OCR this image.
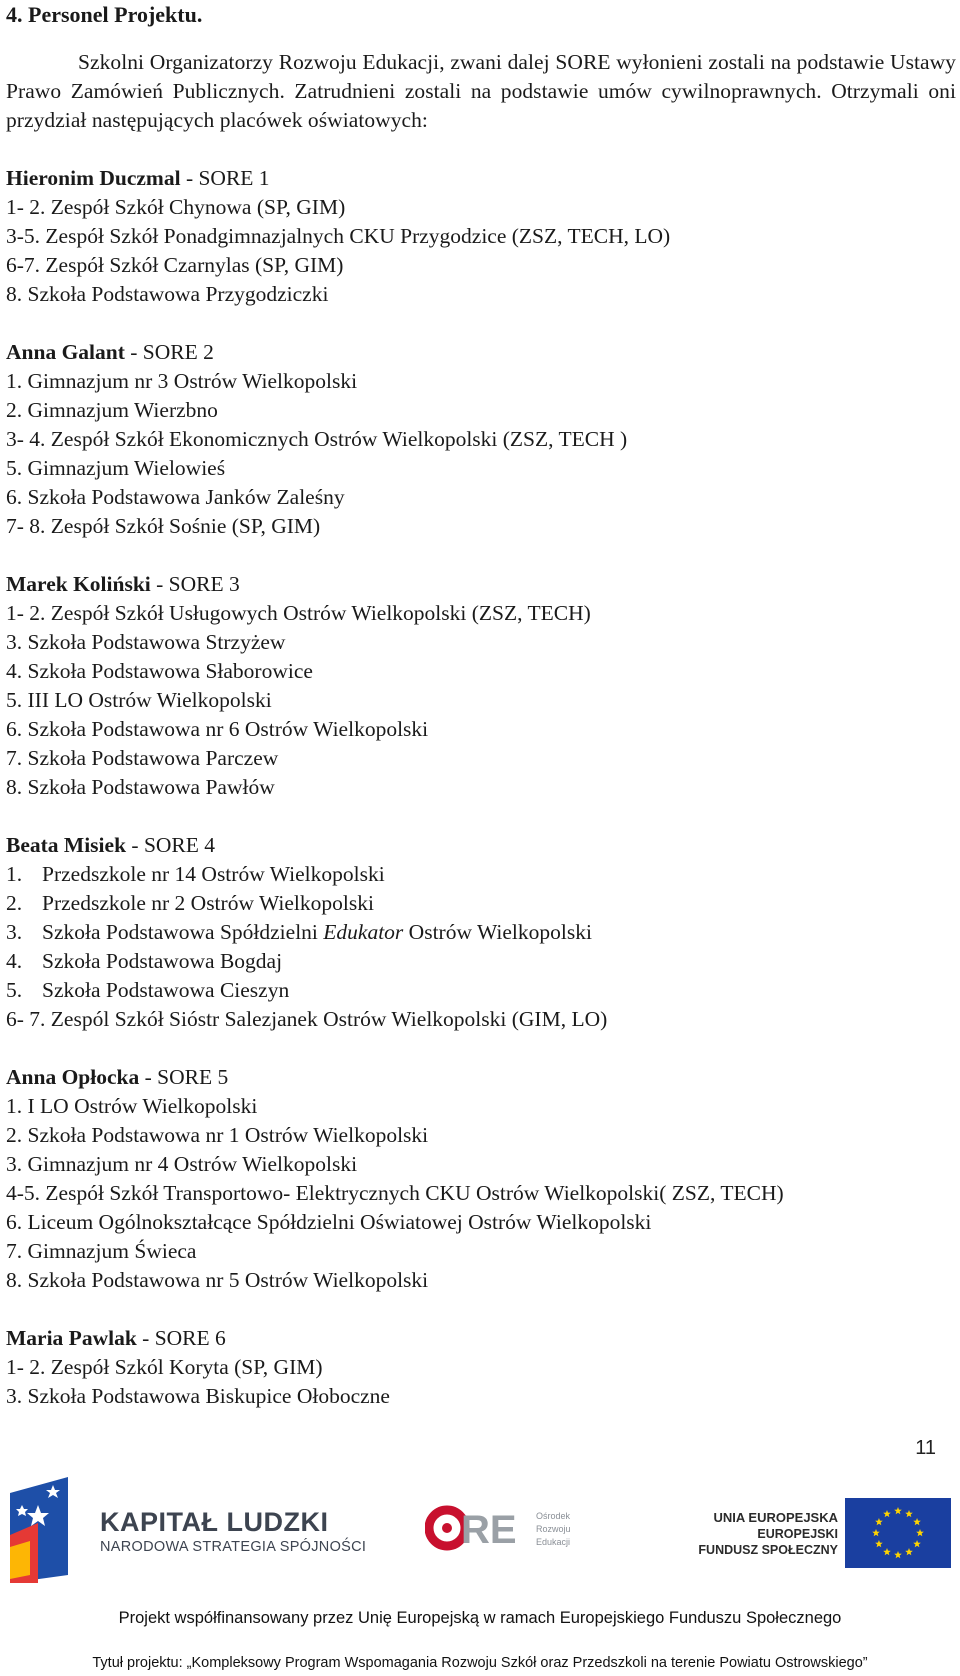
4. Personel Projektu.

Szkolni Organizatorzy Rozwoju Edukacji, zwani dalej SORE wyłonieni zostali na podstawie Ustawy Prawo Zamówień Publicznych. Zatrudnieni zostali na podstawie umów cywilnoprawnych. Otrzymali oni przydział następujących placówek oświatowych:

Hieronim Duczmal - SORE 1
1- 2. Zespół Szkół Chynowa (SP, GIM)
3-5. Zespół Szkół Ponadgimnazjalnych CKU Przygodzice (ZSZ, TECH, LO)
6-7. Zespół Szkół Czarnylas (SP, GIM)
8. Szkoła Podstawowa Przygodziczki
Anna Galant - SORE 2
1. Gimnazjum nr 3 Ostrów Wielkopolski
2. Gimnazjum Wierzbno
3- 4. Zespół Szkół Ekonomicznych Ostrów Wielkopolski (ZSZ, TECH )
5. Gimnazjum Wielowieś
6. Szkoła Podstawowa Janków Zaleśny
7- 8. Zespół Szkół Sośnie (SP, GIM)
Marek Koliński - SORE 3
1- 2. Zespół Szkół Usługowych Ostrów Wielkopolski (ZSZ, TECH)
3. Szkoła Podstawowa Strzyżew
4. Szkoła Podstawowa Słaborowice
5. III LO Ostrów Wielkopolski
6. Szkoła Podstawowa nr 6 Ostrów Wielkopolski
7. Szkoła Podstawowa Parczew
8. Szkoła Podstawowa Pawłów
Beata Misiek - SORE 4
1. Przedszkole nr 14 Ostrów Wielkopolski
2. Przedszkole nr 2 Ostrów Wielkopolski
3. Szkoła Podstawowa Spółdzielni Edukator Ostrów Wielkopolski
4. Szkoła Podstawowa Bogdaj
5. Szkoła Podstawowa Cieszyn
6- 7. Zespól Szkół Sióstr Salezjanek Ostrów Wielkopolski (GIM, LO)
Anna Opłocka - SORE 5
1. I LO Ostrów Wielkopolski
2. Szkoła Podstawowa nr 1 Ostrów Wielkopolski
3. Gimnazjum nr 4 Ostrów Wielkopolski
4-5. Zespół Szkół Transportowo- Elektrycznych CKU Ostrów Wielkopolski( ZSZ, TECH)
6. Liceum Ogólnokształcące Spółdzielni Oświatowej Ostrów Wielkopolski
7. Gimnazjum Świeca
8. Szkoła Podstawowa nr 5 Ostrów Wielkopolski
Maria Pawlak - SORE 6
1- 2. Zespół Szkól Koryta (SP, GIM)
3. Szkoła Podstawowa Biskupice Ołoboczne
11
KAPITAŁ LUDZKI
NARODOWA STRATEGIA SPÓJNOŚCI RE Ośrodek
Rozwoju
Edukacji
UNIA EUROPEJSKA
EUROPEJSKI
FUNDUSZ SPOŁECZNY
Projekt współfinansowany przez Unię Europejską w ramach Europejskiego Funduszu Społecznego
Tytuł projektu: „Kompleksowy Program Wspomagania Rozwoju Szkół oraz Przedszkoli na terenie Powiatu Ostrowskiego”
